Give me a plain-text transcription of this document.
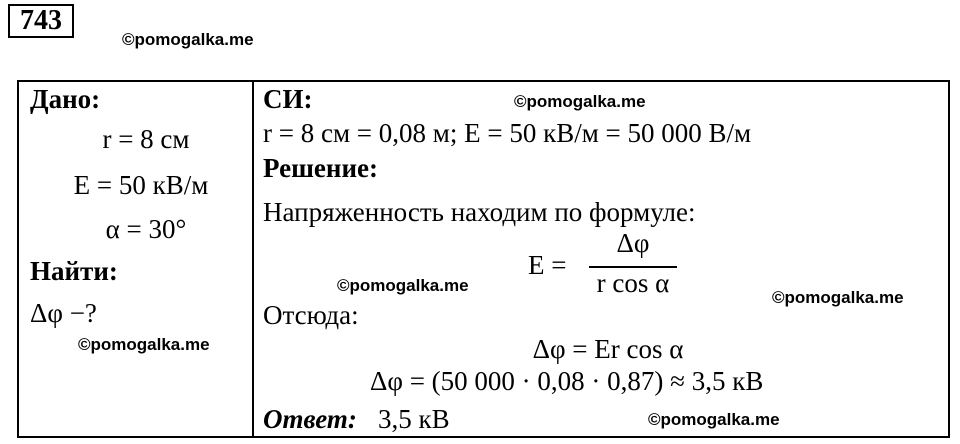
743
©pomogalka.me
Дано:
r = 8 см
E = 50 кВ/м
α = 30°
Найти:
Δφ −?
©pomogalka.me
СИ:	©pomogalka.me
r = 8 см = 0,08 м; E = 50 кВ/м = 50 000 В/м
Решение:
Напряженность находим по формуле:
E =
Δφ
r cos α
©pomogalka.me
©pomogalka.me
Отсюда:
Δφ = Er cos α
Δφ = (50 000 · 0,08 · 0,87) ≈ 3,5 кВ
Ответ: 3,5 кВ	©pomogalka.me
